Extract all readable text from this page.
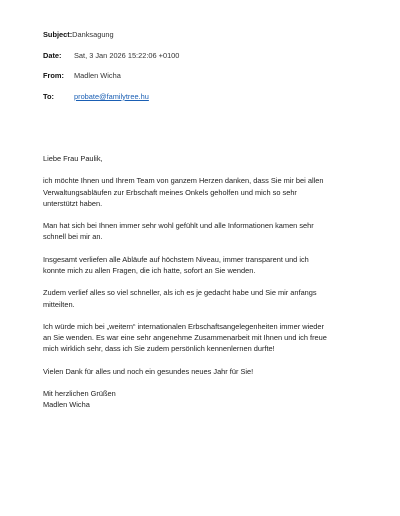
Subject: Danksagung
Date:	Sat, 3 Jan 2026 15:22:06 +0100
From:	Madlen Wicha
To:	probate@familytree.hu

Liebe Frau Paulik,

ich möchte Ihnen und Ihrem Team von ganzem Herzen danken, dass Sie mir bei allen
Verwaltungsabläufen zur Erbschaft meines Onkels geholfen und mich so sehr
unterstützt haben.

Man hat sich bei Ihnen immer sehr wohl gefühlt und alle Informationen kamen sehr
schnell bei mir an.

Insgesamt verliefen alle Abläufe auf höchstem Niveau, immer transparent und ich
konnte mich zu allen Fragen, die ich hatte, sofort an Sie wenden.

Zudem verlief alles so viel schneller, als ich es je gedacht habe und Sie mir anfangs
mitteilten.

Ich würde mich bei „weitern“ internationalen Erbschaftsangelegenheiten immer wieder
an Sie wenden. Es war eine sehr angenehme Zusammenarbeit mit Ihnen und ich freue
mich wirklich sehr, dass ich Sie zudem persönlich kennenlernen durfte!

Vielen Dank für alles und noch ein gesundes neues Jahr für Sie!

Mit herzlichen Grüßen
Madlen Wicha
